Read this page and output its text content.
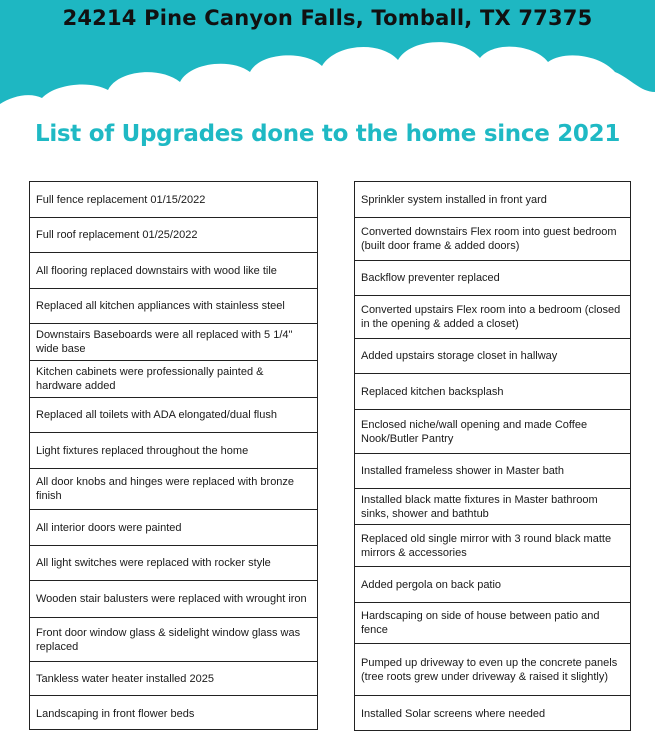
24214 Pine Canyon Falls, Tomball, TX 77375
List of Upgrades done to the home since 2021
Full fence replacement 01/15/2022
Full roof replacement 01/25/2022
All flooring replaced downstairs with wood like tile
Replaced all kitchen appliances with stainless steel
Downstairs Baseboards were all replaced with 5 1/4" wide base
Kitchen cabinets were professionally painted & hardware added
Replaced all toilets with ADA elongated/dual flush
Light fixtures replaced throughout the home
All door knobs and hinges were replaced with bronze finish
All interior doors were painted
All light switches were replaced with rocker style
Wooden stair balusters were replaced with wrought iron
Front door window glass & sidelight window glass was replaced
Tankless water heater installed 2025
Landscaping in front flower beds
Sprinkler system installed in front yard
Converted downstairs Flex room into guest bedroom (built door frame & added doors)
Backflow preventer replaced
Converted upstairs Flex room into a bedroom (closed in the opening & added a closet)
Added upstairs storage closet in hallway
Replaced kitchen backsplash
Enclosed niche/wall opening and made Coffee Nook/Butler Pantry
Installed frameless shower in Master bath
Installed black matte fixtures in Master bathroom sinks, shower and bathtub
Replaced old single mirror with 3 round black matte mirrors & accessories
Added pergola on back patio
Hardscaping on side of house between patio and fence
Pumped up driveway to even up the concrete panels (tree roots grew under driveway & raised it slightly)
Installed Solar screens where needed
